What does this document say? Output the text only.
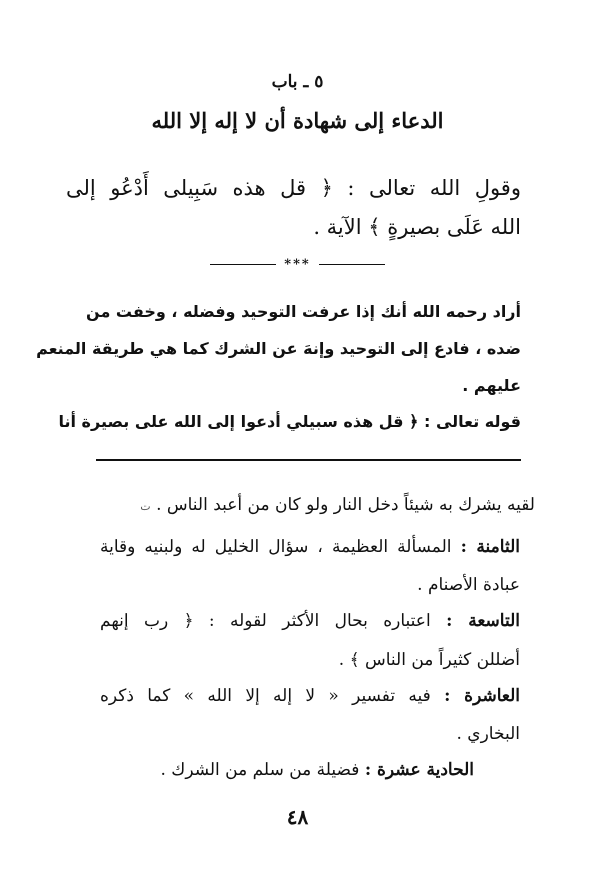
٥ ـ باب
الدعاء إلى شهادة أن لا إله إلا الله
وقولِ الله تعالى : ﴿ قل هذه سَبِيلى أَدْعُو إلى
الله عَلَى بصيرةٍ ﴾ الآية .
***
أراد رحمه الله أنك إذا عرفت التوحيد وفضله ، وخفت من
ضده ، فادع إلى التوحيد وإنهَ عن الشرك كما هي طريقة المنعم
عليهم .
قوله تعالى : ﴿ قل هذه سبيلي أدعوا إلى الله على بصيرة أنا
لقيه يشرك به شيئاً دخل النار ولو كان من أعبد الناس . ت
الثامنة : المسألة العظيمة ، سؤال الخليل له ولبنيه وقاية
عبادة الأصنام .
التاسعة : اعتباره بحال الأكثر لقوله : ﴿ رب إنهم
أضللن كثيراً من الناس ﴾ .
العاشرة : فيه تفسير « لا إله إلا الله » كما ذكره
البخاري .
الحادية عشرة : فضيلة من سلم من الشرك .
٤٨
